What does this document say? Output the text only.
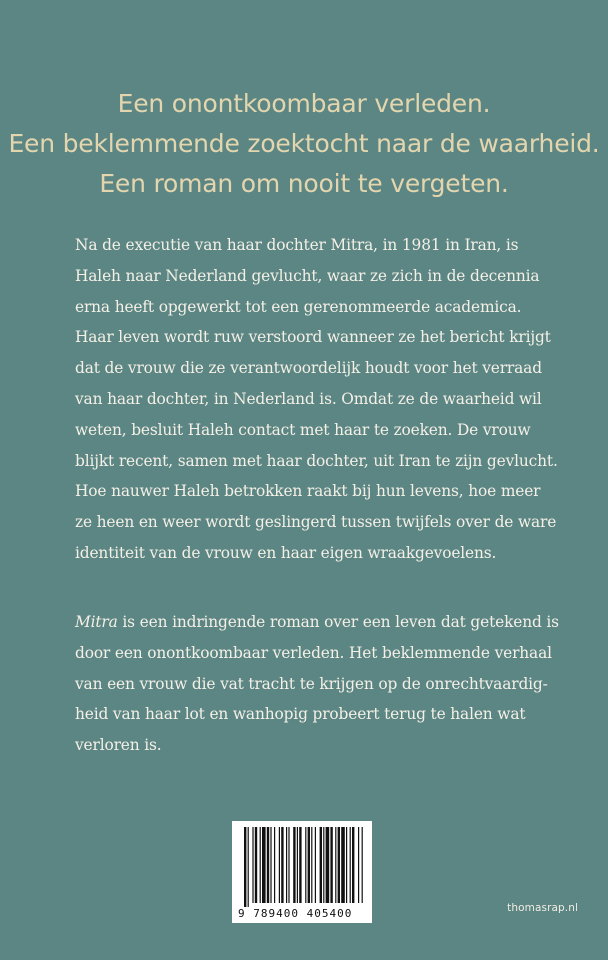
Een onontkoombaar verleden.
Een beklemmende zoektocht naar de waarheid.
Een roman om nooit te vergeten.
Na de executie van haar dochter Mitra, in 1981 in Iran, is
Haleh naar Nederland gevlucht, waar ze zich in de decennia
erna heeft opgewerkt tot een gerenommeerde academica.
Haar leven wordt ruw verstoord wanneer ze het bericht krijgt
dat de vrouw die ze verantwoordelijk houdt voor het verraad
van haar dochter, in Nederland is. Omdat ze de waarheid wil
weten, besluit Haleh contact met haar te zoeken. De vrouw
blijkt recent, samen met haar dochter, uit Iran te zijn gevlucht.
Hoe nauwer Haleh betrokken raakt bij hun levens, hoe meer
ze heen en weer wordt geslingerd tussen twijfels over de ware
identiteit van de vrouw en haar eigen wraakgevoelens.
Mitra is een indringende roman over een leven dat getekend is
door een onontkoombaar verleden. Het beklemmende verhaal
van een vrouw die vat tracht te krijgen op de onrechtvaardig-
heid van haar lot en wanhopig probeert terug te halen wat
verloren is.
9 789400 405400	thomasrap.nl
